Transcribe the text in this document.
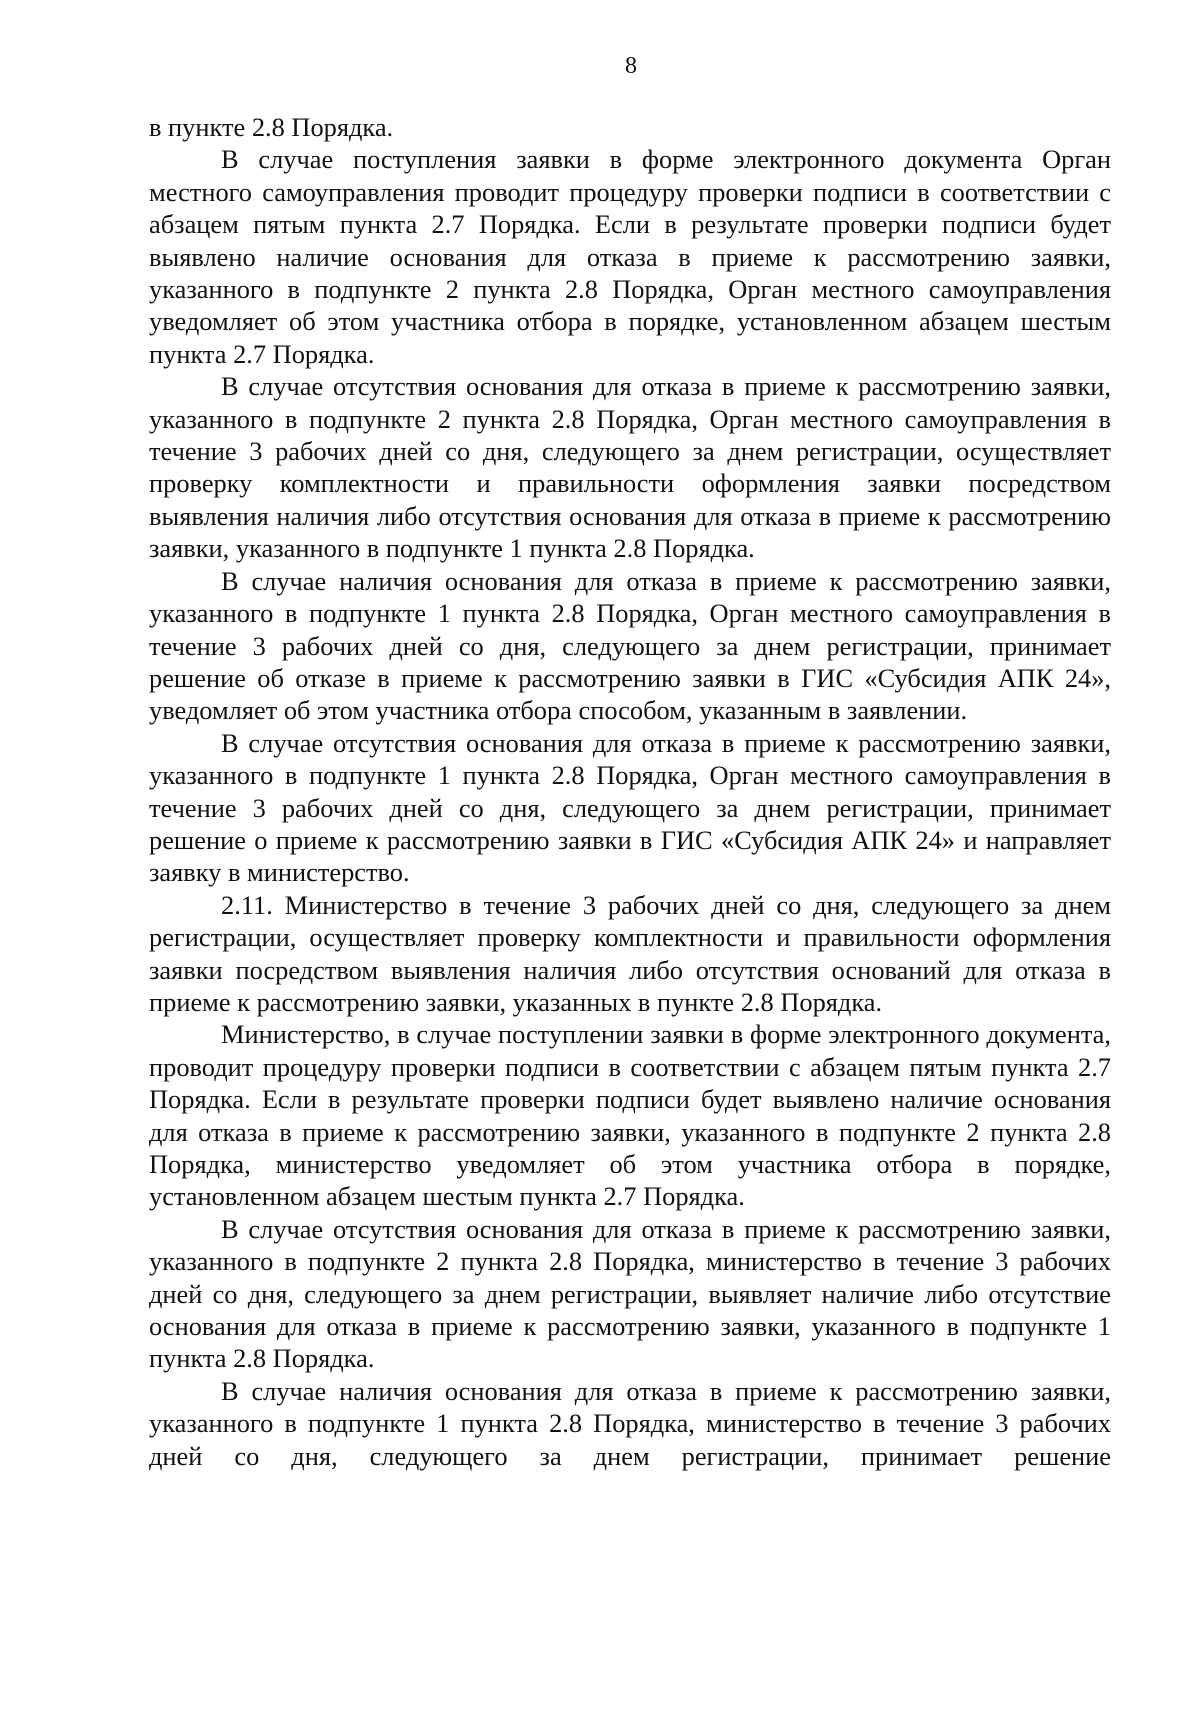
8

в пункте 2.8 Порядка.

В случае поступления заявки в форме электронного документа Орган местного самоуправления проводит процедуру проверки подписи в соответствии с абзацем пятым пункта 2.7 Порядка. Если в результате проверки подписи будет выявлено наличие основания для отказа в приеме к рассмотрению заявки, указанного в подпункте 2 пункта 2.8 Порядка, Орган местного самоуправления уведомляет об этом участника отбора в порядке, установленном абзацем шестым пункта 2.7 Порядка.

В случае отсутствия основания для отказа в приеме к рассмотрению заявки, указанного в подпункте 2 пункта 2.8 Порядка, Орган местного самоуправления в течение 3 рабочих дней со дня, следующего за днем регистрации, осуществляет проверку комплектности и правильности оформления заявки посредством выявления наличия либо отсутствия основания для отказа в приеме к рассмотрению заявки, указанного в подпункте 1 пункта 2.8 Порядка.

В случае наличия основания для отказа в приеме к рассмотрению заявки, указанного в подпункте 1 пункта 2.8 Порядка, Орган местного самоуправления в течение 3 рабочих дней со дня, следующего за днем регистрации, принимает решение об отказе в приеме к рассмотрению заявки в ГИС «Субсидия АПК 24», уведомляет об этом участника отбора способом, указанным в заявлении.

В случае отсутствия основания для отказа в приеме к рассмотрению заявки, указанного в подпункте 1 пункта 2.8 Порядка, Орган местного самоуправления в течение 3 рабочих дней со дня, следующего за днем регистрации, принимает решение о приеме к рассмотрению заявки в ГИС «Субсидия АПК 24» и направляет заявку в министерство.

2.11. Министерство в течение 3 рабочих дней со дня, следующего за днем регистрации, осуществляет проверку комплектности и правильности оформления заявки посредством выявления наличия либо отсутствия оснований для отказа в приеме к рассмотрению заявки, указанных в пункте 2.8 Порядка.

Министерство, в случае поступлении заявки в форме электронного документа, проводит процедуру проверки подписи в соответствии с абзацем пятым пункта 2.7 Порядка. Если в результате проверки подписи будет выявлено наличие основания для отказа в приеме к рассмотрению заявки, указанного в подпункте 2 пункта 2.8 Порядка, министерство уведомляет об этом участника отбора в порядке, установленном абзацем шестым пункта 2.7 Порядка.

В случае отсутствия основания для отказа в приеме к рассмотрению заявки, указанного в подпункте 2 пункта 2.8 Порядка, министерство в течение 3 рабочих дней со дня, следующего за днем регистрации, выявляет наличие либо отсутствие основания для отказа в приеме к рассмотрению заявки, указанного в подпункте 1 пункта 2.8 Порядка.

В случае наличия основания для отказа в приеме к рассмотрению заявки, указанного в подпункте 1 пункта 2.8 Порядка, министерство в течение 3 рабочих дней со дня, следующего за днем регистрации, принимает решение
